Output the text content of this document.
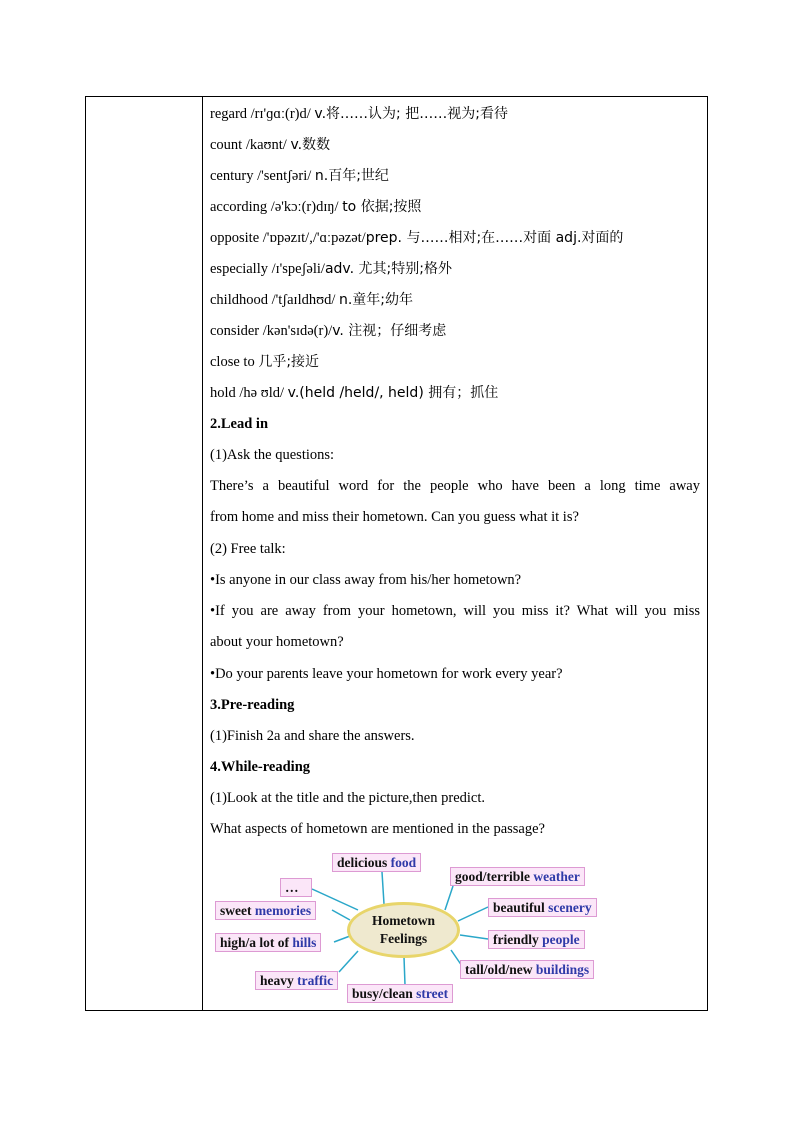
regard /rɪ'ɡɑː(r)d/ v.将……认为; 把……视为;看待
count /kaʊnt/ v.数数
century /'sentʃəri/ n.百年;世纪
according /ə'kɔː(r)dɪŋ/ to 依据;按照
opposite /'ɒpəzɪt/,/'ɑːpəzət/prep. 与……相对;在……对面 adj.对面的
especially /ɪ'speʃəli/adv. 尤其;特别;格外
childhood /'tʃaɪldhʊd/ n.童年;幼年
consider /kən'sɪdə(r)/v. 注视；仔细考虑
close to 几乎;接近
hold /hə ʊld/ v.(held /held/, held) 拥有；抓住
2.Lead in
(1)Ask the questions:
There’s a beautiful word for the people who have been a long time away
from home and miss their hometown. Can you guess what it is?
(2) Free talk:
•Is anyone in our class away from his/her hometown?
•If you are away from your hometown, will you miss it? What will you miss
about your hometown?
•Do your parents leave your hometown for work every year?
3.Pre-reading
(1)Finish 2a and share the answers.
4.While-reading
(1)Look at the title and the picture,then predict.
What aspects of hometown are mentioned in the passage?
Hometown
Feelings
delicious food
good/terrible weather
…
sweet memories	beautiful scenery
high/a lot of hills	friendly people
tall/old/new buildings
heavy traffic
busy/clean street
